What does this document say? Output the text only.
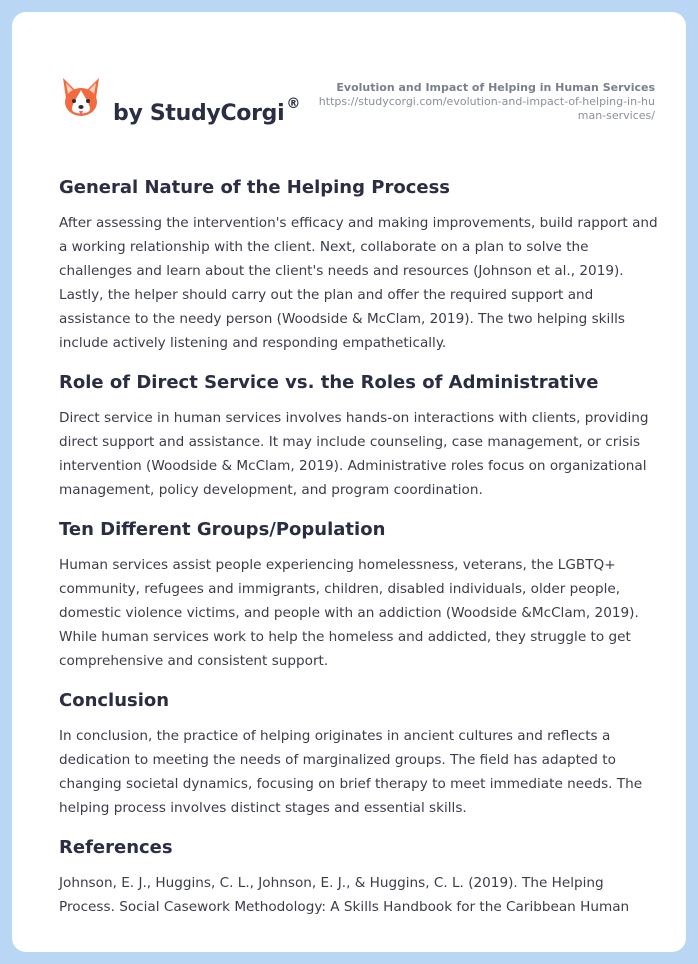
by StudyCorgi ®
Evolution and Impact of Helping in Human Services
https://studycorgi.com/evolution-and-impact-of-helping-in-human-services/
General Nature of the Helping Process

After assessing the intervention's efficacy and making improvements, build rapport and a working relationship with the client. Next, collaborate on a plan to solve the challenges and learn about the client's needs and resources (Johnson et al., 2019). Lastly, the helper should carry out the plan and offer the required support and assistance to the needy person (Woodside & McClam, 2019). The two helping skills include actively listening and responding empathetically.

Role of Direct Service vs. the Roles of Administrative

Direct service in human services involves hands-on interactions with clients, providing direct support and assistance. It may include counseling, case management, or crisis intervention (Woodside & McClam, 2019). Administrative roles focus on organizational management, policy development, and program coordination.

Ten Different Groups/Population

Human services assist people experiencing homelessness, veterans, the LGBTQ+ community, refugees and immigrants, children, disabled individuals, older people, domestic violence victims, and people with an addiction (Woodside &McClam, 2019). While human services work to help the homeless and addicted, they struggle to get comprehensive and consistent support.

Conclusion

In conclusion, the practice of helping originates in ancient cultures and reflects a dedication to meeting the needs of marginalized groups. The field has adapted to changing societal dynamics, focusing on brief therapy to meet immediate needs. The helping process involves distinct stages and essential skills.

References

Johnson, E. J., Huggins, C. L., Johnson, E. J., & Huggins, C. L. (2019). The Helping Process. Social Casework Methodology: A Skills Handbook for the Caribbean Human
